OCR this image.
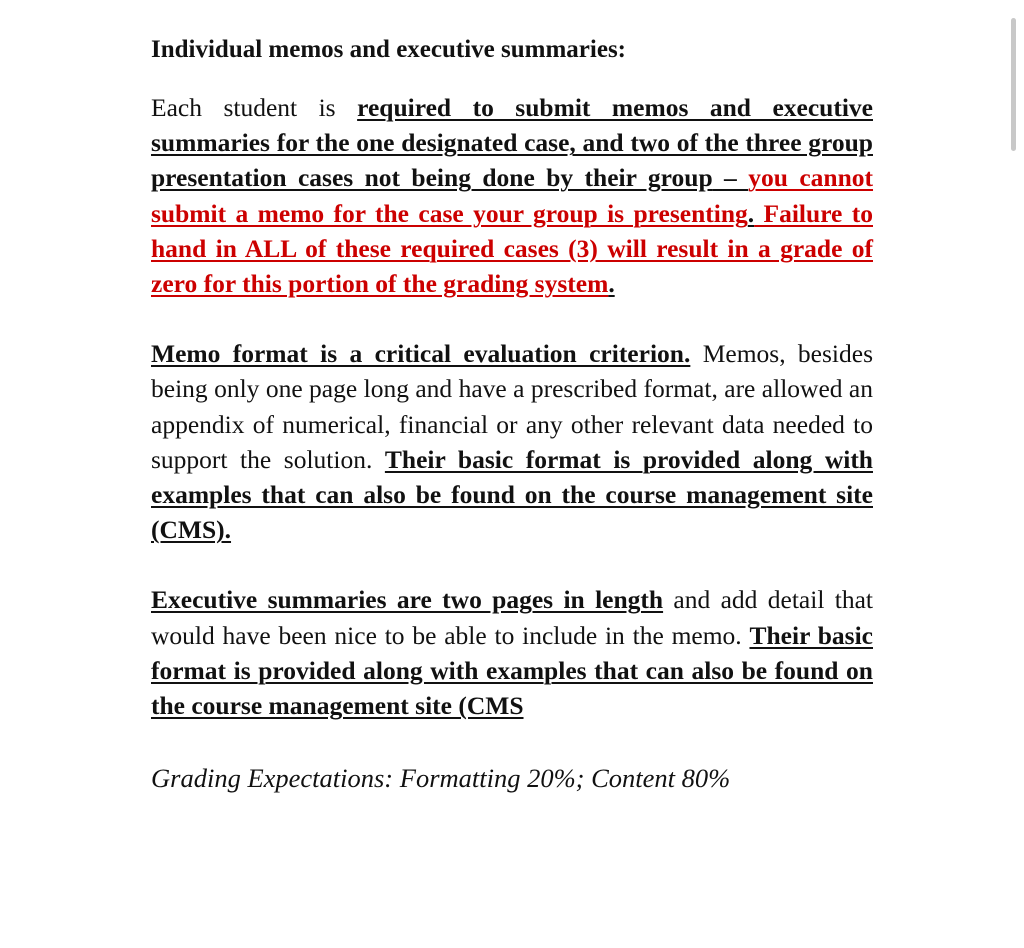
Individual memos and executive summaries:

Each student is required to submit memos and executive summaries for the one designated case, and two of the three group presentation cases not being done by their group – you cannot submit a memo for the case your group is presenting. Failure to hand in ALL of these required cases (3) will result in a grade of zero for this portion of the grading system.

Memo format is a critical evaluation criterion. Memos, besides being only one page long and have a prescribed format, are allowed an appendix of numerical, financial or any other relevant data needed to support the solution. Their basic format is provided along with examples that can also be found on the course management site (CMS).

Executive summaries are two pages in length and add detail that would have been nice to be able to include in the memo. Their basic format is provided along with examples that can also be found on the course management site (CMS

Grading Expectations: Formatting 20%; Content 80%
